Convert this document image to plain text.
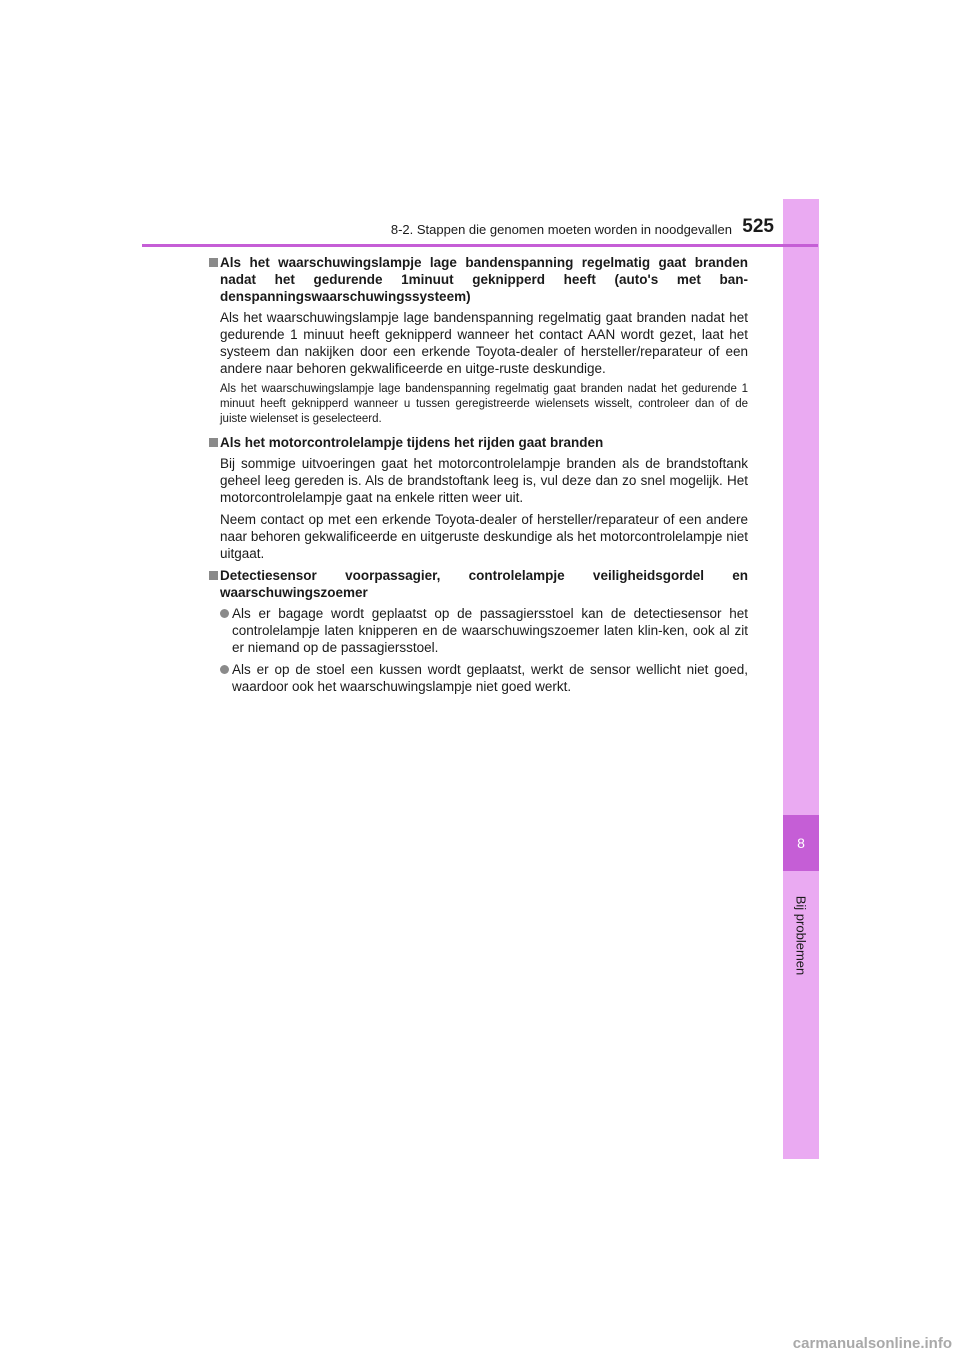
8
Bij problemen
8-2. Stappen die genomen moeten worden in noodgevallen 525

Als het waarschuwingslampje lage bandenspanning regelmatig gaat branden nadat het gedurende 1minuut geknipperd heeft (auto's met ban-denspanningswaarschuwingssysteem)

Als het waarschuwingslampje lage bandenspanning regelmatig gaat branden nadat het gedurende 1 minuut heeft geknipperd wanneer het contact AAN wordt gezet, laat het systeem dan nakijken door een erkende Toyota-dealer of hersteller/reparateur of een andere naar behoren gekwalificeerde en uitge-ruste deskundige.

Als het waarschuwingslampje lage bandenspanning regelmatig gaat branden nadat het gedurende 1 minuut heeft geknipperd wanneer u tussen geregistreerde wielensets wisselt, controleer dan of de juiste wielenset is geselecteerd.

Als het motorcontrolelampje tijdens het rijden gaat branden

Bij sommige uitvoeringen gaat het motorcontrolelampje branden als de brandstoftank geheel leeg gereden is. Als de brandstoftank leeg is, vul deze dan zo snel mogelijk. Het motorcontrolelampje gaat na enkele ritten weer uit.

Neem contact op met een erkende Toyota-dealer of hersteller/reparateur of een andere naar behoren gekwalificeerde en uitgeruste deskundige als het motorcontrolelampje niet uitgaat.

Detectiesensor voorpassagier, controlelampje veiligheidsgordel en waarschuwingszoemer

Als er bagage wordt geplaatst op de passagiersstoel kan de detectiesensor het controlelampje laten knipperen en de waarschuwingszoemer laten klin-ken, ook al zit er niemand op de passagiersstoel.
Als er op de stoel een kussen wordt geplaatst, werkt de sensor wellicht niet goed, waardoor ook het waarschuwingslampje niet goed werkt.
carmanualsonline.info
